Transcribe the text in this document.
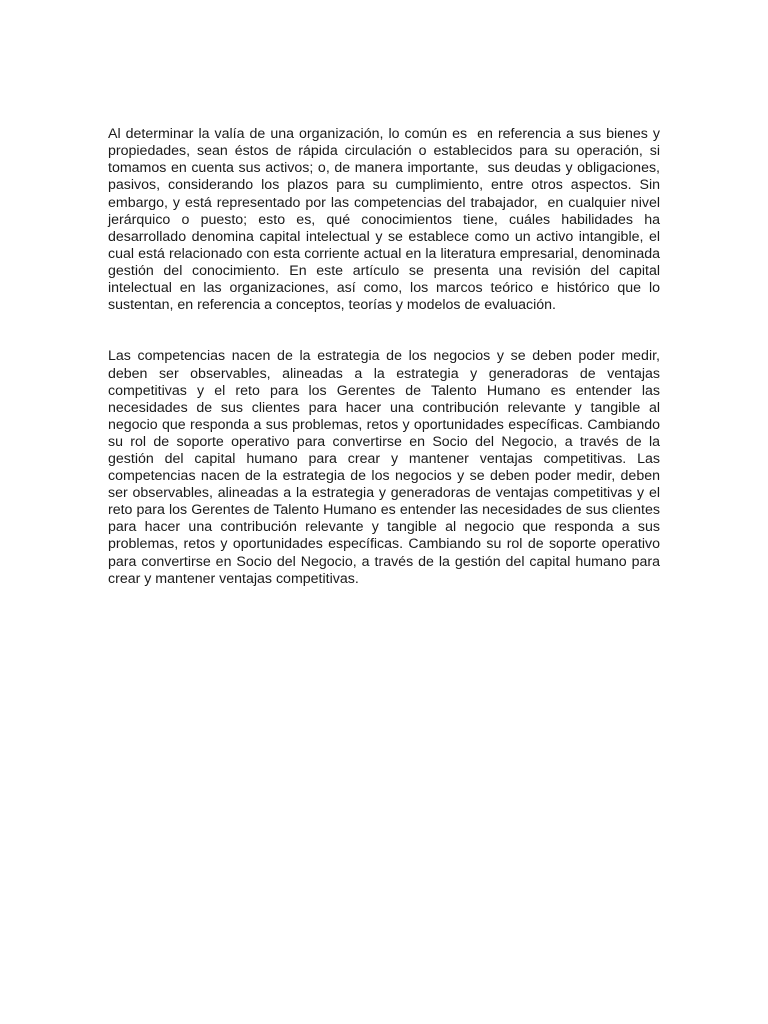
Al determinar la valía de una organización, lo común es  en referencia a sus bienes y propiedades, sean éstos de rápida circulación o establecidos para su operación, si  tomamos en cuenta sus activos; o, de manera importante,  sus deudas y obligaciones, pasivos, considerando los plazos para su cumplimiento, entre otros aspectos. Sin embargo, y está representado por las competencias del trabajador,  en cualquier nivel jerárquico o puesto; esto es, qué conocimientos tiene, cuáles habilidades ha desarrollado denomina capital intelectual y se establece como un activo intangible, el cual está relacionado con esta corriente actual en la literatura empresarial, denominada gestión del conocimiento. En este artículo se presenta una revisión del capital intelectual en las organizaciones, así como, los marcos teórico e histórico que lo sustentan, en referencia a conceptos, teorías y modelos de evaluación.

Las competencias nacen de la estrategia de los negocios y se deben poder medir, deben ser observables, alineadas a la estrategia y generadoras de ventajas competitivas y el reto para los Gerentes de Talento Humano es entender las necesidades de sus clientes para hacer una contribución relevante y tangible al negocio que responda a sus problemas, retos y oportunidades específicas. Cambiando su rol de soporte operativo para convertirse en Socio del Negocio, a través de la gestión del capital humano para crear y mantener ventajas competitivas. Las competencias nacen de la estrategia de los negocios y se deben poder medir, deben ser observables, alineadas a la estrategia y generadoras de ventajas competitivas y el reto para los Gerentes de Talento Humano es entender las necesidades de sus clientes para hacer una contribución relevante y tangible al negocio que responda a sus problemas, retos y oportunidades específicas. Cambiando su rol de soporte operativo para convertirse en Socio del Negocio, a través de la gestión del capital humano para crear y mantener ventajas competitivas.
